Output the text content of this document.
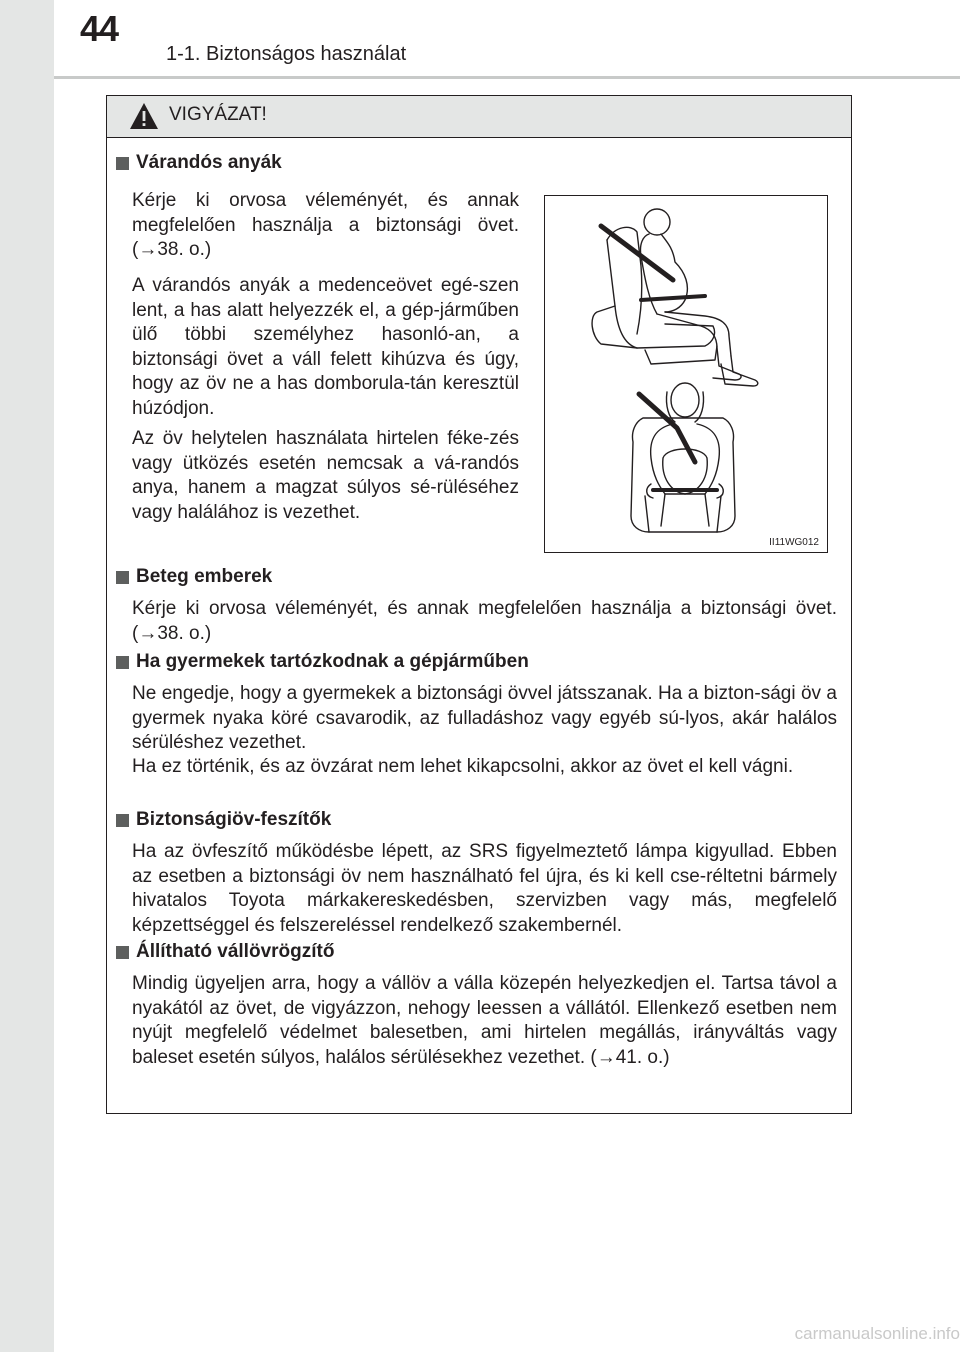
44
1-1. Biztonságos használat
VIGYÁZAT!
Várandós anyák

Kérje ki orvosa véleményét, és annak megfelelően használja a biztonsági övet. (→38. o.)

A várandós anyák a medenceövet egé-szen lent, a has alatt helyezzék el, a gép-járműben ülő többi személyhez hasonló-an, a biztonsági övet a váll felett kihúzva és úgy, hogy az öv ne a has domborula-tán keresztül húzódjon.

Az öv helytelen használata hirtelen féke-zés vagy ütközés esetén nemcsak a vá-randós anya, hanem a magzat súlyos sé-rüléséhez vagy halálához is vezethet.

II11WG012
Beteg emberek

Kérje ki orvosa véleményét, és annak megfelelően használja a biztonsági övet. (→38. o.)

Ha gyermekek tartózkodnak a gépjárműben

Ne engedje, hogy a gyermekek a biztonsági övvel játsszanak. Ha a bizton-sági öv a gyermek nyaka köré csavarodik, az fulladáshoz vagy egyéb sú-lyos, akár halálos sérüléshez vezethet.

Ha ez történik, és az övzárat nem lehet kikapcsolni, akkor az övet el kell vágni.

Biztonságiöv-feszítők

Ha az övfeszítő működésbe lépett, az SRS figyelmeztető lámpa kigyullad. Ebben az esetben a biztonsági öv nem használható fel újra, és ki kell cse-réltetni bármely hivatalos Toyota márkakereskedésben, szervizben vagy más, megfelelő képzettséggel és felszereléssel rendelkező szakembernél.

Állítható vállövrögzítő

Mindig ügyeljen arra, hogy a vállöv a válla közepén helyezkedjen el. Tartsa távol a nyakától az övet, de vigyázzon, nehogy leessen a vállától. Ellenkező esetben nem nyújt megfelelő védelmet balesetben, ami hirtelen megállás, irányváltás vagy baleset esetén súlyos, halálos sérülésekhez vezethet. (→41. o.)

carmanualsonline.info
